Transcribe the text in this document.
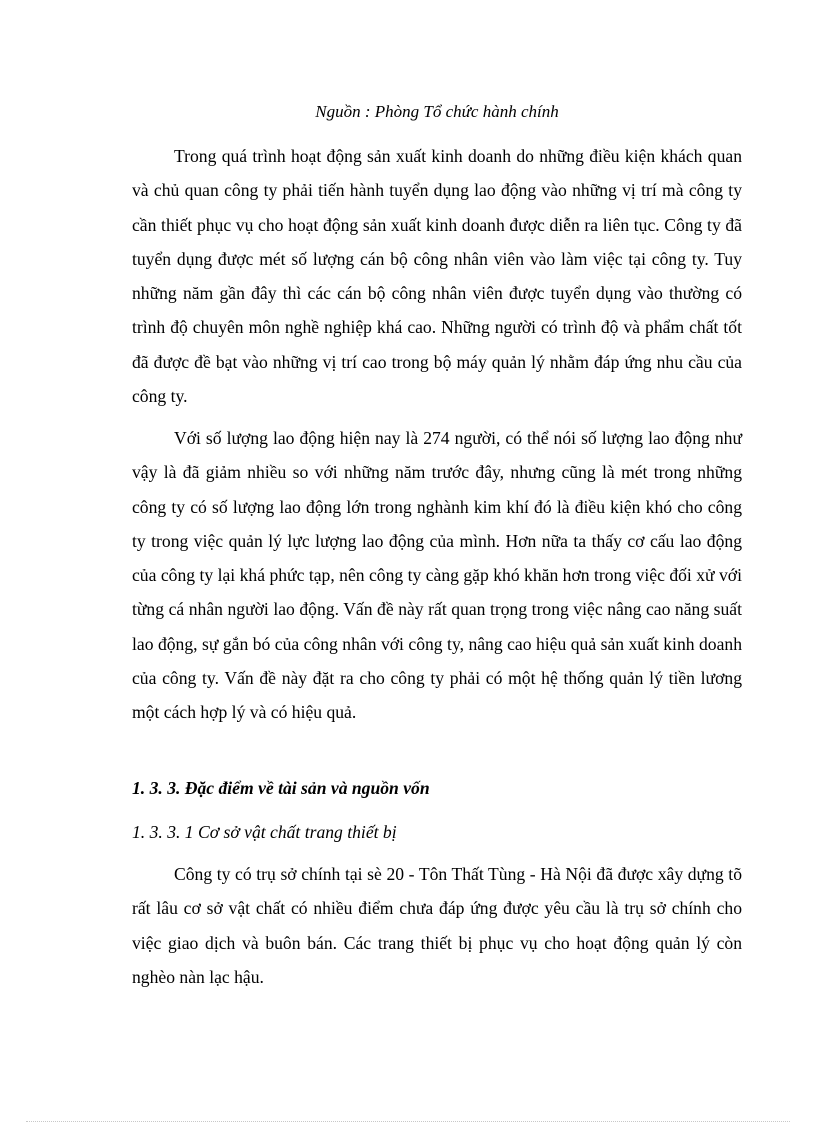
Nguồn : Phòng Tổ chức hành chính

Trong quá trình hoạt động sản xuất kinh doanh do những điều kiện khách quan và chủ quan công ty phải tiến hành tuyển dụng lao động vào những vị trí mà công ty cần thiết phục vụ cho hoạt động sản xuất kinh doanh được diễn ra liên tục. Công ty đã tuyển dụng được mét số lượng cán bộ công nhân viên vào làm việc tại công ty. Tuy những năm gần đây thì các cán bộ công nhân viên được tuyển dụng vào thường có trình độ chuyên môn nghề nghiệp khá cao. Những người có trình độ và phẩm chất tốt đã được đề bạt vào những vị trí cao trong bộ máy quản lý nhằm đáp ứng nhu cầu của công ty.

Với số lượng lao động hiện nay là 274 người, có thể nói số lượng lao động như vậy là đã giảm nhiều so với những năm trước đây, nhưng cũng là mét trong những công ty có số lượng lao động lớn trong nghành kim khí đó là điều kiện khó cho công ty trong việc quản lý lực lượng lao động của mình. Hơn nữa ta thấy cơ cấu lao động của công ty lại khá phức tạp, nên công ty càng gặp khó khăn hơn trong việc đối xử với từng cá nhân người lao động. Vấn đề này rất quan trọng trong việc nâng cao năng suất lao động, sự gắn bó của công nhân với công ty, nâng cao hiệu quả sản xuất kinh doanh của công ty. Vấn đề này đặt ra cho công ty phải có một hệ thống quản lý tiền lương một cách hợp lý và có hiệu quả.

1. 3. 3. Đặc điểm về tài sản và nguồn vốn
1. 3. 3. 1 Cơ sở vật chất trang thiết bị

Công ty có trụ sở chính tại sè 20 - Tôn Thất Tùng - Hà Nội đã được xây dựng tõ rất lâu cơ sở vật chất có nhiều điểm chưa đáp ứng được yêu cầu là trụ sở chính cho việc giao dịch và buôn bán. Các trang thiết bị phục vụ cho hoạt động quản lý còn nghèo nàn lạc hậu.
